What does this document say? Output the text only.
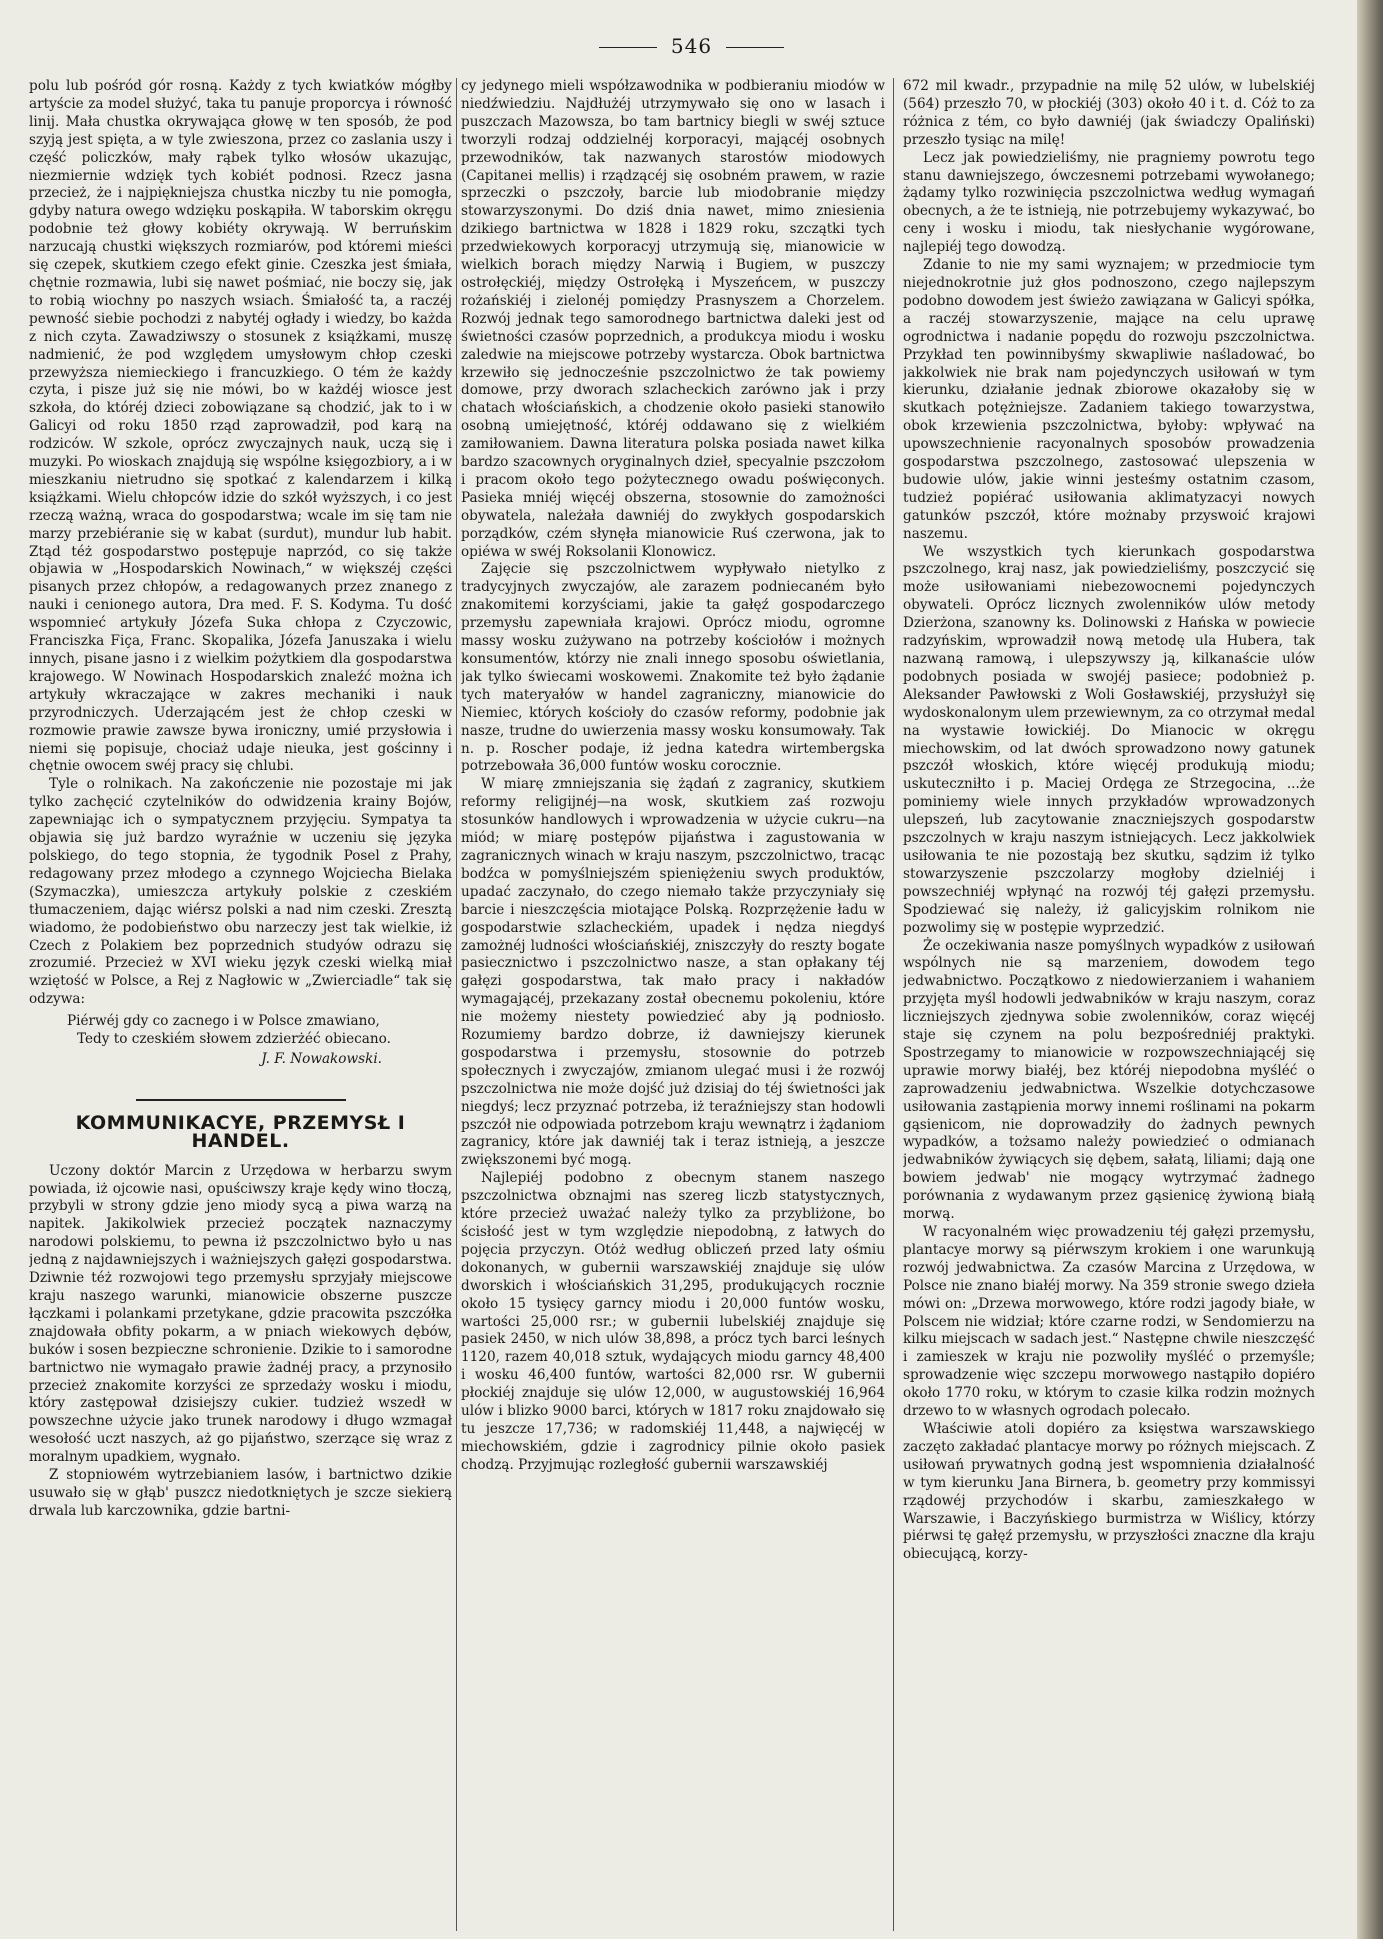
546

polu lub pośród gór rosną. Każdy z tych kwiatków mógłby artyście za model służyć, taka tu panuje proporcya i równość linij. Mała chustka okrywająca głowę w ten sposób, że pod szyją jest spięta, a w tyle zwieszona, przez co zaslania uszy i część policzków, mały rąbek tylko włosów ukazując, niezmiernie wdzięk tych kobiét podnosi. Rzecz jasna przecież, że i najpiękniejsza chustka niczby tu nie pomogła, gdyby natura owego wdzięku poskąpiła. W taborskim okręgu podobnie też głowy kobiéty okrywają. W berruńskim narzucają chustki większych rozmiarów, pod któremi mieści się czepek, skutkiem czego efekt ginie. Czeszka jest śmiała, chętnie rozmawia, lubi się nawet pośmiać, nie boczy się, jak to robią wiochny po naszych wsiach. Śmiałość ta, a raczéj pewność siebie pochodzi z nabytéj ogłady i wiedzy, bo każda z nich czyta. Zawadziwszy o stosunek z książkami, muszę nadmienić, że pod względem umysłowym chłop czeski przewyższa niemieckiego i francuzkiego. O tém że każdy czyta, i pisze już się nie mówi, bo w każdéj wiosce jest szkoła, do któréj dzieci zobowiązane są chodzić, jak to i w Galicyi od roku 1850 rząd zaprowadził, pod karą na rodziców. W szkole, oprócz zwyczajnych nauk, uczą się i muzyki. Po wioskach znajdują się wspólne księgozbiory, a i w mieszkaniu nietrudno się spotkać z kalendarzem i kilką książkami. Wielu chłopców idzie do szkół wyższych, i co jest rzeczą ważną, wraca do gospodarstwa; wcale im się tam nie marzy przebiéranie się w kabat (surdut), mundur lub habit. Ztąd téż gospodarstwo postępuje naprzód, co się także objawia w „Hospodarskich Nowinach,“ w większéj części pisanych przez chłopów, a redagowanych przez znanego z nauki i cenionego autora, Dra med. F. S. Kodyma. Tu dość wspomnieć artykuły Józefa Suka chłopa z Czyczowic, Franciszka Fiça, Franc. Skopalika, Józefa Januszaka i wielu innych, pisane jasno i z wielkim pożytkiem dla gospodarstwa krajowego. W Nowinach Hospodarskich znaleźć można ich artykuły wkraczające w zakres mechaniki i nauk przyrodniczych. Uderzającém jest że chłop czeski w rozmowie prawie zawsze bywa ironiczny, umié przysłowia i niemi się popisuje, chociaż udaje nieuka, jest gościnny i chętnie owocem swéj pracy się chlubi.

Tyle o rolnikach. Na zakończenie nie pozostaje mi jak tylko zachęcić czytelników do odwidzenia krainy Bojów, zapewniając ich o sympatycznem przyjęciu. Sympatya ta objawia się już bardzo wyraźnie w uczeniu się języka polskiego, do tego stopnia, że tygodnik Posel z Prahy, redagowany przez młodego a czynnego Wojciecha Bielaka (Szymaczka), umieszcza artykuły polskie z czeskiém tłumaczeniem, dając wiérsz polski a nad nim czeski. Zresztą wiadomo, że podobieństwo obu narzeczy jest tak wielkie, iż Czech z Polakiem bez poprzednich studyów odrazu się zrozumié. Przecież w XVI wieku język czeski wielką miał wziętość w Polsce, a Rej z Nagłowic w „Zwierciadle“ tak się odzywa:

Piérwéj gdy co zacnego i w Polsce zmawiano,
Tedy to czeskiém słowem zdzierżéć obiecano.
J. F. Nowakowski.
KOMMUNIKACYE, PRZEMYSŁ I HANDEL.

Uczony doktór Marcin z Urzędowa w herbarzu swym powiada, iż ojcowie nasi, opuściwszy kraje kędy wino tłoczą, przybyli w strony gdzie jeno miody sycą a piwa warzą na napitek. Jakikolwiek przecież początek naznaczymy narodowi polskiemu, to pewna iż pszczolnictwo było u nas jedną z najdawniejszych i ważniejszych gałęzi gospodarstwa. Dziwnie téż rozwojowi tego przemysłu sprzyjały miejscowe kraju naszego warunki, mianowicie obszerne puszcze łączkami i polankami przetykane, gdzie pracowita pszczółka znajdowała obfity pokarm, a w pniach wiekowych dębów, buków i sosen bezpieczne schronienie. Dzikie to i samorodne bartnictwo nie wymagało prawie żadnéj pracy, a przynosiło przecież znakomite korzyści ze sprzedaży wosku i miodu, który zastępował dzisiejszy cukier. tudzież wszedł w powszechne użycie jako trunek narodowy i długo wzmagał wesołość uczt naszych, aż go pijaństwo, szerzące się wraz z moralnym upadkiem, wygnało.

Z stopniowém wytrzebianiem lasów, i bartnictwo dzikie usuwało się w głąb' puszcz niedotkniętych je szcze siekierą drwala lub karczownika, gdzie bartni-

cy jedynego mieli współzawodnika w podbieraniu miodów w niedźwiedziu. Najdłużéj utrzymywało się ono w lasach i puszczach Mazowsza, bo tam bartnicy biegli w swéj sztuce tworzyli rodzaj oddzielnéj korporacyi, mającéj osobnych przewodników, tak nazwanych starostów miodowych (Capitanei mellis) i rządzącéj się osobném prawem, w razie sprzeczki o pszczoły, barcie lub miodobranie między stowarzyszonymi. Do dziś dnia nawet, mimo zniesienia dzikiego bartnictwa w 1828 i 1829 roku, szczątki tych przedwiekowych korporacyj utrzymują się, mianowicie w wielkich borach między Narwią i Bugiem, w puszczy ostrołęckiéj, między Ostrołęką i Myszeńcem, w puszczy rożańskiéj i zielonéj pomiędzy Prasnyszem a Chorzelem. Rozwój jednak tego samorodnego bartnictwa daleki jest od świetności czasów poprzednich, a produkcya miodu i wosku zaledwie na miejscowe potrzeby wystarcza. Obok bartnictwa krzewiło się jednocześnie pszczolnictwo że tak powiemy domowe, przy dworach szlacheckich zarówno jak i przy chatach włościańskich, a chodzenie około pasieki stanowiło osobną umiejętność, któréj oddawano się z wielkiém zamiłowaniem. Dawna literatura polska posiada nawet kilka bardzo szacownych oryginalnych dzieł, specyalnie pszczołom i pracom około tego pożytecznego owadu poświęconych. Pasieka mniéj więcéj obszerna, stosownie do zamożności obywatela, należała dawniéj do zwykłych gospodarskich porządków, czém słynęła mianowicie Ruś czerwona, jak to opiéwa w swéj Roksolanii Klonowicz.

Zajęcie się pszczolnictwem wypływało nietylko z tradycyjnych zwyczajów, ale zarazem podniecaném było znakomitemi korzyściami, jakie ta gałęź gospodarczego przemysłu zapewniała krajowi. Oprócz miodu, ogromne massy wosku zużywano na potrzeby kościołów i możnych konsumentów, którzy nie znali innego sposobu oświetlania, jak tylko świecami woskowemi. Znakomite też było żądanie tych materyałów w handel zagraniczny, mianowicie do Niemiec, których kościoły do czasów reformy, podobnie jak nasze, trudne do uwierzenia massy wosku konsumowały. Tak n. p. Roscher podaje, iż jedna katedra wirtembergska potrzebowała 36,000 funtów wosku corocznie.

W miarę zmniejszania się żądań z zagranicy, skutkiem reformy religijnéj—na wosk, skutkiem zaś rozwoju stosunków handlowych i wprowadzenia w użycie cukru—na miód; w miarę postępów pijaństwa i zagustowania w zagranicznych winach w kraju naszym, pszczolnictwo, tracąc bodźca w pomyślniejszém spieniężeniu swych produktów, upadać zaczynało, do czego niemało także przyczyniały się barcie i nieszczęścia miotające Polską. Rozprzężenie ładu w gospodarstwie szlacheckiém, upadek i nędza niegdyś zamożnéj ludności włościańskiéj, zniszczyły do reszty bogate pasiecznictwo i pszczolnictwo nasze, a stan opłakany téj gałęzi gospodarstwa, tak mało pracy i nakładów wymagającéj, przekazany został obecnemu pokoleniu, które nie możemy niestety powiedzieć aby ją podniosło. Rozumiemy bardzo dobrze, iż dawniejszy kierunek gospodarstwa i przemysłu, stosownie do potrzeb społecznych i zwyczajów, zmianom ulegać musi i że rozwój pszczolnictwa nie może dojść już dzisiaj do téj świetności jak niegdyś; lecz przyznać potrzeba, iż teraźniejszy stan hodowli pszczół nie odpowiada potrzebom kraju wewnątrz i żądaniom zagranicy, które jak dawniéj tak i teraz istnieją, a jeszcze zwiększonemi być mogą.

Najlepiéj podobno z obecnym stanem naszego pszczolnictwa obznajmi nas szereg liczb statystycznych, które przecież uważać należy tylko za przybliżone, bo ścisłość jest w tym względzie niepodobną, z łatwych do pojęcia przyczyn. Otóż według obliczeń przed laty ośmiu dokonanych, w gubernii warszawskiéj znajduje się ulów dworskich i włościańskich 31,295, produkujących rocznie około 15 tysięcy garncy miodu i 20,000 funtów wosku, wartości 25,000 rsr.; w gubernii lubelskiéj znajduje się pasiek 2450, w nich ulów 38,898, a prócz tych barci leśnych 1120, razem 40,018 sztuk, wydających miodu garncy 48,400 i wosku 46,400 funtów, wartości 82,000 rsr. W gubernii płockiéj znajduje się ulów 12,000, w augustowskiéj 16,964 ulów i blizko 9000 barci, których w 1817 roku znajdowało się tu jeszcze 17,736; w radomskiéj 11,448, a najwięcéj w miechowskiém, gdzie i zagrodnicy pilnie około pasiek chodzą. Przyjmując rozległość gubernii warszawskiéj

672 mil kwadr., przypadnie na milę 52 ulów, w lubelskiéj (564) przeszło 70, w płockiéj (303) około 40 i t. d. Cóż to za różnica z tém, co było dawniéj (jak świadczy Opaliński) przeszło tysiąc na milę!

Lecz jak powiedzieliśmy, nie pragniemy powrotu tego stanu dawniejszego, ówczesnemi potrzebami wywołanego; żądamy tylko rozwinięcia pszczolnictwa według wymagań obecnych, a że te istnieją, nie potrzebujemy wykazywać, bo ceny i wosku i miodu, tak niesłychanie wygórowane, najlepiéj tego dowodzą.

Zdanie to nie my sami wyznajem; w przedmiocie tym niejednokrotnie już głos podnoszono, czego najlepszym podobno dowodem jest świeżo zawiązana w Galicyi spółka, a raczéj stowarzyszenie, mające na celu uprawę ogrodnictwa i nadanie popędu do rozwoju pszczolnictwa. Przykład ten powinnibyśmy skwapliwie naśladować, bo jakkolwiek nie brak nam pojedynczych usiłowań w tym kierunku, działanie jednak zbiorowe okazałoby się w skutkach potężniejsze. Zadaniem takiego towarzystwa, obok krzewienia pszczolnictwa, byłoby: wpływać na upowszechnienie racyonalnych sposobów prowadzenia gospodarstwa pszczolnego, zastosować ulepszenia w budowie ulów, jakie winni jesteśmy ostatnim czasom, tudzież popiérać usiłowania aklimatyzacyi nowych gatunków pszczół, które możnaby przyswoić krajowi naszemu.

We wszystkich tych kierunkach gospodarstwa pszczolnego, kraj nasz, jak powiedzieliśmy, poszczycić się może usiłowaniami niebezowocnemi pojedynczych obywateli. Oprócz licznych zwolenników ulów metody Dzierżona, szanowny ks. Dolinowski z Hańska w powiecie radzyńskim, wprowadził nową metodę ula Hubera, tak nazwaną ramową, i ulepszywszy ją, kilkanaście ulów podobnych posiada w swojéj pasiece; podobnież p. Aleksander Pawłowski z Woli Gosławskiéj, przysłużył się wydoskonalonym ulem przewiewnym, za co otrzymał medal na wystawie łowickiéj. Do Mianocic w okręgu miechowskim, od lat dwóch sprowadzono nowy gatunek pszczół włoskich, które więcéj produkują miodu; uskuteczniłto i p. Maciej Ordęga ze Strzegocina, ...że pominiemy wiele innych przykładów wprowadzonych ulepszeń, lub zacytowanie znaczniejszych gospodarstw pszczolnych w kraju naszym istniejących. Lecz jakkolwiek usiłowania te nie pozostają bez skutku, sądzim iż tylko stowarzyszenie pszczolarzy mogłoby dzielniéj i powszechniéj wpłynąć na rozwój téj gałęzi przemysłu. Spodziewać się należy, iż galicyjskim rolnikom nie pozwolimy się w postępie wyprzedzić.

Że oczekiwania nasze pomyślnych wypadków z usiłowań wspólnych nie są marzeniem, dowodem tego jedwabnictwo. Początkowo z niedowierzaniem i wahaniem przyjęta myśl hodowli jedwabników w kraju naszym, coraz liczniejszych zjednywa sobie zwolenników, coraz więcéj staje się czynem na polu bezpośredniéj praktyki. Spostrzegamy to mianowicie w rozpowszechniającéj się uprawie morwy białéj, bez któréj niepodobna myśléć o zaprowadzeniu jedwabnictwa. Wszelkie dotychczasowe usiłowania zastąpienia morwy innemi roślinami na pokarm gąsienicom, nie doprowadziły do żadnych pewnych wypadków, a tożsamo należy powiedzieć o odmianach jedwabników żywiących się dębem, sałatą, liliami; dają one bowiem jedwab' nie mogący wytrzymać żadnego porównania z wydawanym przez gąsienicę żywioną białą morwą.

W racyonalném więc prowadzeniu téj gałęzi przemysłu, plantacye morwy są piérwszym krokiem i one warunkują rozwój jedwabnictwa. Za czasów Marcina z Urzędowa, w Polsce nie znano białéj morwy. Na 359 stronie swego dzieła mówi on: „Drzewa morwowego, które rodzi jagody białe, w Polscem nie widział; które czarne rodzi, w Sendomierzu na kilku miejscach w sadach jest.“ Następne chwile nieszczęść i zamieszek w kraju nie pozwoliły myśléć o przemyśle; sprowadzenie więc szczepu morwowego nastąpiło dopiéro około 1770 roku, w którym to czasie kilka rodzin możnych drzewo to w własnych ogrodach polecało.

Właściwie atoli dopiéro za księstwa warszawskiego zaczęto zakładać plantacye morwy po różnych miejscach. Z usiłowań prywatnych godną jest wspomnienia działalność w tym kierunku Jana Birnera, b. geometry przy kommissyi rządowéj przychodów i skarbu, zamieszkałego w Warszawie, i Baczyńskiego burmistrza w Wiślicy, którzy piérwsi tę gałęź przemysłu, w przyszłości znaczne dla kraju obiecującą, korzy-
